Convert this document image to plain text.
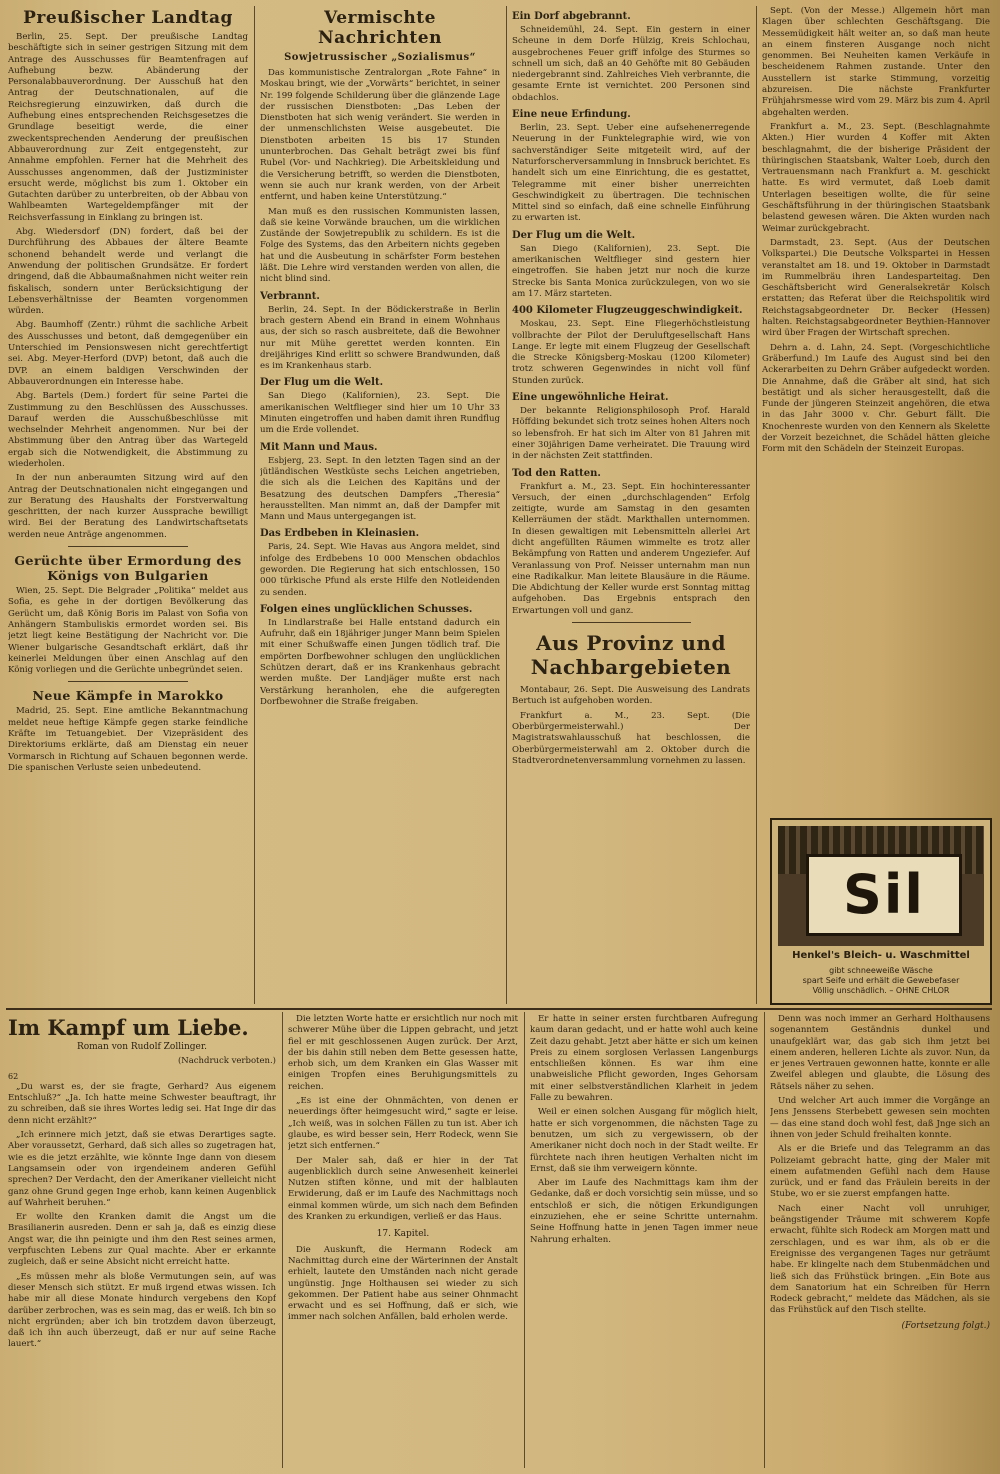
Preußischer Landtag

Berlin, 25. Sept. Der preußische Landtag beschäftigte sich in seiner gestrigen Sitzung mit dem Antrage des Ausschusses für Beamtenfragen auf Aufhebung bezw. Abänderung der Personalabbauverordnung. Der Ausschuß hat den Antrag der Deutschnationalen, auf die Reichsregierung einzuwirken, daß durch die Aufhebung eines entsprechenden Reichsgesetzes die Grundlage beseitigt werde, die einer zweckentsprechenden Aenderung der preußischen Abbauverordnung zur Zeit entgegensteht, zur Annahme empfohlen. Ferner hat die Mehrheit des Ausschusses angenommen, daß der Justizminister ersucht werde, möglichst bis zum 1. Oktober ein Gutachten darüber zu unterbreiten, ob der Abbau von Wahlbeamten Wartegeldempfänger mit der Reichsverfassung in Einklang zu bringen ist.

Abg. Wiedersdorf (DN) fordert, daß bei der Durchführung des Abbaues der ältere Beamte schonend behandelt werde und verlangt die Anwendung der politischen Grundsätze. Er fordert dringend, daß die Abbaumaßnahmen nicht weiter rein fiskalisch, sondern unter Berücksichtigung der Lebensverhältnisse der Beamten vorgenommen würden.

Abg. Baumhoff (Zentr.) rühmt die sachliche Arbeit des Ausschusses und betont, daß demgegenüber ein Unterschied im Pensionswesen nicht gerechtfertigt sei. Abg. Meyer-Herford (DVP) betont, daß auch die DVP. an einem baldigen Verschwinden der Abbauverordnungen ein Interesse habe.

Abg. Bartels (Dem.) fordert für seine Partei die Zustimmung zu den Beschlüssen des Ausschusses. Darauf werden die Ausschußbeschlüsse mit wechselnder Mehrheit angenommen. Nur bei der Abstimmung über den Antrag über das Wartegeld ergab sich die Notwendigkeit, die Abstimmung zu wiederholen.

In der nun anberaumten Sitzung wird auf den Antrag der Deutschnationalen nicht eingegangen und zur Beratung des Haushalts der Forstverwaltung geschritten, der nach kurzer Aussprache bewilligt wird. Bei der Beratung des Landwirtschaftsetats werden neue Anträge angenommen.

Gerüchte über Ermordung des Königs von Bulgarien

Wien, 25. Sept. Die Belgrader „Politika“ meldet aus Sofia, es gehe in der dortigen Bevölkerung das Gerücht um, daß König Boris im Palast von Sofia von Anhängern Stambuliskis ermordet worden sei. Bis jetzt liegt keine Bestätigung der Nachricht vor. Die Wiener bulgarische Gesandtschaft erklärt, daß ihr keinerlei Meldungen über einen Anschlag auf den König vorliegen und die Gerüchte unbegründet seien.

Neue Kämpfe in Marokko

Madrid, 25. Sept. Eine amtliche Bekanntmachung meldet neue heftige Kämpfe gegen starke feindliche Kräfte im Tetuangebiet. Der Vizepräsident des Direktoriums erklärte, daß am Dienstag ein neuer Vormarsch in Richtung auf Schauen begonnen werde. Die spanischen Verluste seien unbedeutend.

Vermischte Nachrichten
Sowjetrussischer „Sozialismus“

Das kommunistische Zentralorgan „Rote Fahne“ in Moskau bringt, wie der „Vorwärts“ berichtet, in seiner Nr. 199 folgende Schilderung über die glänzende Lage der russischen Dienstboten: „Das Leben der Dienstboten hat sich wenig verändert. Sie werden in der unmenschlichsten Weise ausgebeutet. Die Dienstboten arbeiten 15 bis 17 Stunden ununterbrochen. Das Gehalt beträgt zwei bis fünf Rubel (Vor- und Nachkrieg). Die Arbeitskleidung und die Versicherung betrifft, so werden die Dienstboten, wenn sie auch nur krank werden, von der Arbeit entfernt, und haben keine Unterstützung.“

Man muß es den russischen Kommunisten lassen, daß sie keine Vorwände brauchen, um die wirklichen Zustände der Sowjetrepublik zu schildern. Es ist die Folge des Systems, das den Arbeitern nichts gegeben hat und die Ausbeutung in schärfster Form bestehen läßt. Die Lehre wird verstanden werden von allen, die nicht blind sind.

Verbrannt.

Berlin, 24. Sept. In der Bödickerstraße in Berlin brach gestern Abend ein Brand in einem Wohnhaus aus, der sich so rasch ausbreitete, daß die Bewohner nur mit Mühe gerettet werden konnten. Ein dreijähriges Kind erlitt so schwere Brandwunden, daß es im Krankenhaus starb.

Der Flug um die Welt.

San Diego (Kalifornien), 23. Sept. Die amerikanischen Weltflieger sind hier um 10 Uhr 33 Minuten eingetroffen und haben damit ihren Rundflug um die Erde vollendet.

Mit Mann und Maus.

Esbjerg, 23. Sept. In den letzten Tagen sind an der jütländischen Westküste sechs Leichen angetrieben, die sich als die Leichen des Kapitäns und der Besatzung des deutschen Dampfers „Theresia“ herausstellten. Man nimmt an, daß der Dampfer mit Mann und Maus untergegangen ist.

Das Erdbeben in Kleinasien.

Paris, 24. Sept. Wie Havas aus Angora meldet, sind infolge des Erdbebens 10 000 Menschen obdachlos geworden. Die Regierung hat sich entschlossen, 150 000 türkische Pfund als erste Hilfe den Notleidenden zu senden.

Folgen eines unglücklichen Schusses.

In Lindlarstraße bei Halle entstand dadurch ein Aufruhr, daß ein 18jähriger junger Mann beim Spielen mit einer Schußwaffe einen Jungen tödlich traf. Die empörten Dorfbewohner schlugen den unglücklichen Schützen derart, daß er ins Krankenhaus gebracht werden mußte. Der Landjäger mußte erst nach Verstärkung heranholen, ehe die aufgeregten Dorfbewohner die Straße freigaben.

Ein Dorf abgebrannt.

Schneidemühl, 24. Sept. Ein gestern in einer Scheune in dem Dorfe Hülzig, Kreis Schlochau, ausgebrochenes Feuer griff infolge des Sturmes so schnell um sich, daß an 40 Gehöfte mit 80 Gebäuden niedergebrannt sind. Zahlreiches Vieh verbrannte, die gesamte Ernte ist vernichtet. 200 Personen sind obdachlos.

Eine neue Erfindung.

Berlin, 23. Sept. Ueber eine aufsehenerregende Neuerung in der Funktelegraphie wird, wie von sachverständiger Seite mitgeteilt wird, auf der Naturforscherversammlung in Innsbruck berichtet. Es handelt sich um eine Einrichtung, die es gestattet, Telegramme mit einer bisher unerreichten Geschwindigkeit zu übertragen. Die technischen Mittel sind so einfach, daß eine schnelle Einführung zu erwarten ist.

Der Flug um die Welt.

San Diego (Kalifornien), 23. Sept. Die amerikanischen Weltflieger sind gestern hier eingetroffen. Sie haben jetzt nur noch die kurze Strecke bis Santa Monica zurückzulegen, von wo sie am 17. März starteten.

400 Kilometer Flugzeuggeschwindigkeit.

Moskau, 23. Sept. Eine Fliegerhöchstleistung vollbrachte der Pilot der Deruluftgesellschaft Hans Lange. Er legte mit einem Flugzeug der Gesellschaft die Strecke Königsberg-Moskau (1200 Kilometer) trotz schweren Gegenwindes in nicht voll fünf Stunden zurück.

Eine ungewöhnliche Heirat.

Der bekannte Religionsphilosoph Prof. Harald Höffding bekundet sich trotz seines hohen Alters noch so lebensfroh. Er hat sich im Alter von 81 Jahren mit einer 30jährigen Dame verheiratet. Die Trauung wird in der nächsten Zeit stattfinden.

Tod den Ratten.

Frankfurt a. M., 23. Sept. Ein hochinteressanter Versuch, der einen „durchschlagenden“ Erfolg zeitigte, wurde am Samstag in den gesamten Kellerräumen der städt. Markthallen unternommen. In diesen gewaltigen mit Lebensmitteln allerlei Art dicht angefüllten Räumen wimmelte es trotz aller Bekämpfung von Ratten und anderem Ungeziefer. Auf Veranlassung von Prof. Neisser unternahm man nun eine Radikalkur. Man leitete Blausäure in die Räume. Die Abdichtung der Keller wurde erst Sonntag mittag aufgehoben. Das Ergebnis entsprach den Erwartungen voll und ganz.

Aus Provinz und Nachbargebieten

Montabaur, 26. Sept. Die Ausweisung des Landrats Bertuch ist aufgehoben worden.

Frankfurt a. M., 23. Sept. (Die Oberbürgermeisterwahl.) Der Magistratswahlausschuß hat beschlossen, die Oberbürgermeisterwahl am 2. Oktober durch die Stadtverordnetenversammlung vornehmen zu lassen.

Sept. (Von der Messe.) Allgemein hört man Klagen über schlechten Geschäftsgang. Die Messemüdigkeit hält weiter an, so daß man heute an einem finsteren Ausgange noch nicht genommen. Bei Neuheiten kamen Verkäufe in bescheidenem Rahmen zustande. Unter den Ausstellern ist starke Stimmung, vorzeitig abzureisen. Die nächste Frankfurter Frühjahrsmesse wird vom 29. März bis zum 4. April abgehalten werden.

Frankfurt a. M., 23. Sept. (Beschlagnahmte Akten.) Hier wurden 4 Koffer mit Akten beschlagnahmt, die der bisherige Präsident der thüringischen Staatsbank, Walter Loeb, durch den Vertrauensmann nach Frankfurt a. M. geschickt hatte. Es wird vermutet, daß Loeb damit Unterlagen beseitigen wollte, die für seine Geschäftsführung in der thüringischen Staatsbank belastend gewesen wären. Die Akten wurden nach Weimar zurückgebracht.

Darmstadt, 23. Sept. (Aus der Deutschen Volkspartei.) Die Deutsche Volkspartei in Hessen veranstaltet am 18. und 19. Oktober in Darmstadt im Rummelbräu ihren Landesparteitag. Den Geschäftsbericht wird Generalsekretär Kolsch erstatten; das Referat über die Reichspolitik wird Reichstagsabgeordneter Dr. Becker (Hessen) halten. Reichstagsabgeordneter Beythien-Hannover wird über Fragen der Wirtschaft sprechen.

Dehrn a. d. Lahn, 24. Sept. (Vorgeschichtliche Gräberfund.) Im Laufe des August sind bei den Ackerarbeiten zu Dehrn Gräber aufgedeckt worden. Die Annahme, daß die Gräber alt sind, hat sich bestätigt und als sicher herausgestellt, daß die Funde der jüngeren Steinzeit angehören, die etwa in das Jahr 3000 v. Chr. Geburt fällt. Die Knochenreste wurden von den Kennern als Skelette der Vorzeit bezeichnet, die Schädel hätten gleiche Form mit den Schädeln der Steinzeit Europas.

Sil
Henkel's Bleich- u. Waschmittel
gibt schneeweiße Wäsche
spart Seife und erhält die Gewebefaser
Völlig unschädlich. – OHNE CHLOR
Im Kampf um Liebe.
Roman von Rudolf Zollinger.
(Nachdruck verboten.)
62

„Du warst es, der sie fragte, Gerhard? Aus eigenem Entschluß?“ „Ja. Ich hatte meine Schwester beauftragt, ihr zu schreiben, daß sie ihres Wortes ledig sei. Hat Inge dir das denn nicht erzählt?“

„Ich erinnere mich jetzt, daß sie etwas Derartiges sagte. Aber voraussetzt, Gerhard, daß sich alles so zugetragen hat, wie es die jetzt erzählte, wie könnte Inge dann von diesem Langsamsein oder von irgendeinem anderen Gefühl sprechen? Der Verdacht, den der Amerikaner vielleicht nicht ganz ohne Grund gegen Inge erhob, kann keinen Augenblick auf Wahrheit beruhen.“

Er wollte den Kranken damit die Angst um die Brasilianerin ausreden. Denn er sah ja, daß es einzig diese Angst war, die ihn peinigte und ihm den Rest seines armen, verpfuschten Lebens zur Qual machte. Aber er erkannte zugleich, daß er seine Absicht nicht erreicht hatte.

„Es müssen mehr als bloße Vermutungen sein, auf was dieser Mensch sich stützt. Er muß irgend etwas wissen. Ich habe mir all diese Monate hindurch vergebens den Kopf darüber zerbrochen, was es sein mag, das er weiß. Ich bin so nicht ergründen; aber ich bin trotzdem davon überzeugt, daß ich ihn auch überzeugt, daß er nur auf seine Rache lauert.“

Die letzten Worte hatte er ersichtlich nur noch mit schwerer Mühe über die Lippen gebracht, und jetzt fiel er mit geschlossenen Augen zurück. Der Arzt, der bis dahin still neben dem Bette gesessen hatte, erhob sich, um dem Kranken ein Glas Wasser mit einigen Tropfen eines Beruhigungsmittels zu reichen.

„Es ist eine der Ohnmächten, von denen er neuerdings öfter heimgesucht wird,“ sagte er leise. „Ich weiß, was in solchen Fällen zu tun ist. Aber ich glaube, es wird besser sein, Herr Rodeck, wenn Sie jetzt sich entfernen.“

Der Maler sah, daß er hier in der Tat augenblicklich durch seine Anwesenheit keinerlei Nutzen stiften könne, und mit der halblauten Erwiderung, daß er im Laufe des Nachmittags noch einmal kommen würde, um sich nach dem Befinden des Kranken zu erkundigen, verließ er das Haus.

17. Kapitel.

Die Auskunft, die Hermann Rodeck am Nachmittag durch eine der Wärterinnen der Anstalt erhielt, lautete den Umständen nach nicht gerade ungünstig. Jnge Holthausen sei wieder zu sich gekommen. Der Patient habe aus seiner Ohnmacht erwacht und es sei Hoffnung, daß er sich, wie immer nach solchen Anfällen, bald erholen werde.

Er hatte in seiner ersten furchtbaren Aufregung kaum daran gedacht, und er hatte wohl auch keine Zeit dazu gehabt. Jetzt aber hätte er sich um keinen Preis zu einem sorglosen Verlassen Langenburgs entschließen können. Es war ihm eine unabweisliche Pflicht geworden, Inges Gehorsam mit einer selbstverständlichen Klarheit in jedem Falle zu bewahren.

Weil er einen solchen Ausgang für möglich hielt, hatte er sich vorgenommen, die nächsten Tage zu benutzen, um sich zu vergewissern, ob der Amerikaner nicht doch noch in der Stadt weilte. Er fürchtete nach ihren heutigen Verhalten nicht im Ernst, daß sie ihm verweigern könnte.

Aber im Laufe des Nachmittags kam ihm der Gedanke, daß er doch vorsichtig sein müsse, und so entschloß er sich, die nötigen Erkundigungen einzuziehen, ehe er seine Schritte unternahm. Seine Hoffnung hatte in jenen Tagen immer neue Nahrung erhalten.

Denn was noch immer an Gerhard Holthausens sogenanntem Geständnis dunkel und unaufgeklärt war, das gab sich ihm jetzt bei einem anderen, helleren Lichte als zuvor. Nun, da er jenes Vertrauen gewonnen hatte, konnte er alle Zweifel ablegen und glaubte, die Lösung des Rätsels näher zu sehen.

Und welcher Art auch immer die Vorgänge an Jens Jenssens Sterbebett gewesen sein mochten — das eine stand doch wohl fest, daß Jnge sich an ihnen von jeder Schuld freihalten konnte.

Als er die Briefe und das Telegramm an das Polizeiamt gebracht hatte, ging der Maler mit einem aufatmenden Gefühl nach dem Hause zurück, und er fand das Fräulein bereits in der Stube, wo er sie zuerst empfangen hatte.

Nach einer Nacht voll unruhiger, beängstigender Träume mit schwerem Kopfe erwacht, fühlte sich Rodeck am Morgen matt und zerschlagen, und es war ihm, als ob er die Ereignisse des vergangenen Tages nur geträumt habe. Er klingelte nach dem Stubenmädchen und ließ sich das Frühstück bringen. „Ein Bote aus dem Sanatorium hat ein Schreiben für Herrn Rodeck gebracht,“ meldete das Mädchen, als sie das Frühstück auf den Tisch stellte.

(Fortsetzung folgt.)
